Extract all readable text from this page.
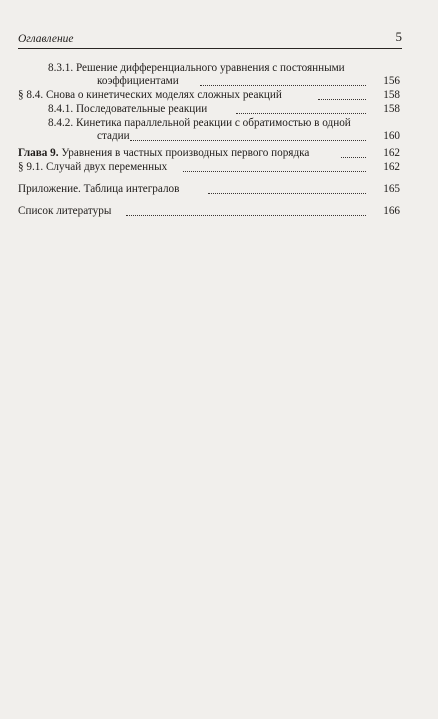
Оглавление	5
8.3.1. Решение дифференциального уравнения с постоянными
коэффициентами	156
§ 8.4. Снова о кинетических моделях сложных реакций	158
8.4.1. Последовательные реакции	158
8.4.2. Кинетика параллельной реакции с обратимостью в одной
стадии	160
Глава 9. Уравнения в частных производных первого порядка	162
§ 9.1. Случай двух переменных	162
Приложение. Таблица интегралов	165
Список литературы	166
